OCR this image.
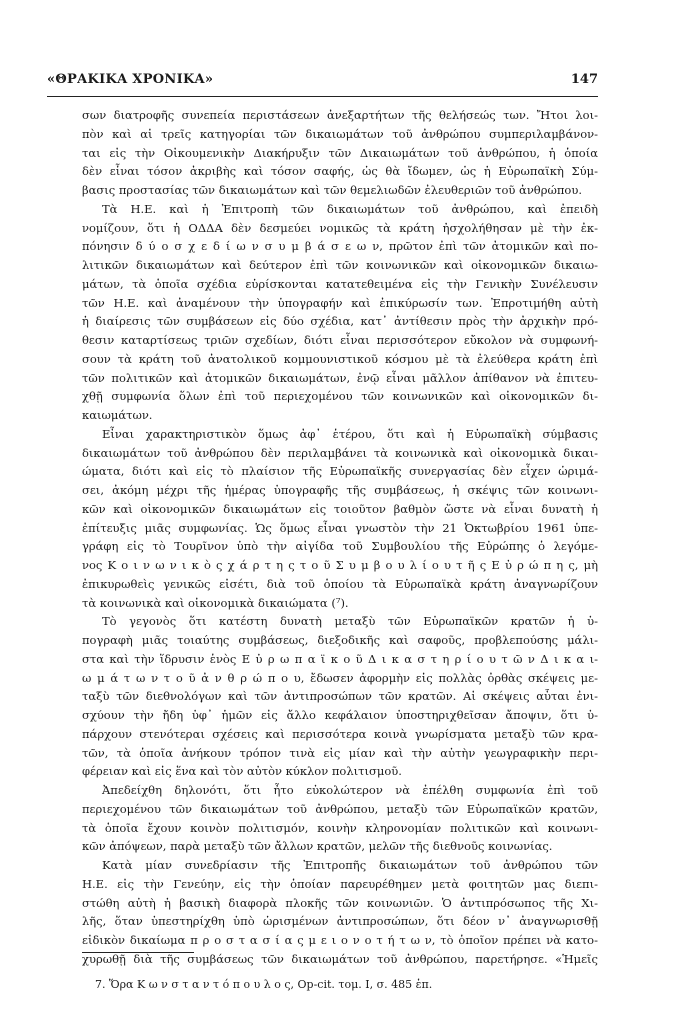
«ΘΡΑΚΙΚΑ ΧΡΟΝΙΚΑ»	147
σων διατροφῆς συνεπεία περιστάσεων ἀνεξαρτήτων τῆς θελήσεώς των. Ἤτοι λοι-
πὸν καὶ αἱ τρεῖς κατηγορίαι τῶν δικαιωμάτων τοῦ ἀνθρώπου συμπεριλαμβάνον-
ται εἰς τὴν Οἰκουμενικὴν Διακήρυξιν τῶν Δικαιωμάτων τοῦ ἀνθρώπου, ἡ ὁποία
δὲν εἶναι τόσον ἀκριβὴς καὶ τόσον σαφής, ὡς θὰ ἴδωμεν, ὡς ἡ Εὐρωπαϊκὴ Σύμ-
βασις προστασίας τῶν δικαιωμάτων καὶ τῶν θεμελιωδῶν ἐλευθεριῶν τοῦ ἀνθρώπου.
Τὰ Η.Ε. καὶ ἡ Ἐπιτροπὴ τῶν δικαιωμάτων τοῦ ἀνθρώπου, καὶ ἐπειδὴ
νομίζουν, ὅτι ἡ ΟΔΔΑ δὲν δεσμεύει νομικῶς τὰ κράτη ἠσχολήθησαν μὲ τὴν ἐκ-
πόνησιν δ ύ ο σ χ ε δ ί ω ν σ υ μ β ά σ ε ω ν, πρῶτον ἐπὶ τῶν ἀτομικῶν καὶ πο-
λιτικῶν δικαιωμάτων καὶ δεύτερον ἐπὶ τῶν κοινωνικῶν καὶ οἰκονομικῶν δικαιω-
μάτων, τὰ ὁποῖα σχέδια εὑρίσκονται κατατεθειμένα εἰς τὴν Γενικὴν Συνέλευσιν
τῶν Η.Ε. καὶ ἀναμένουν τὴν ὑπογραφήν καὶ ἐπικύρωσίν των. Ἐπροτιμήθη αὐτὴ
ἡ διαίρεσις τῶν συμβάσεων εἰς δύο σχέδια, κατ᾽ ἀντίθεσιν πρὸς τὴν ἀρχικὴν πρό-
θεσιν καταρτίσεως τριῶν σχεδίων, διότι εἶναι περισσότερον εὔκολον νὰ συμφωνή-
σουν τὰ κράτη τοῦ ἀνατολικοῦ κομμουνιστικοῦ κόσμου μὲ τὰ ἐλεύθερα κράτη ἐπὶ
τῶν πολιτικῶν καὶ ἀτομικῶν δικαιωμάτων, ἐνῷ εἶναι μᾶλλον ἀπίθανον νὰ ἐπιτευ-
χθῇ συμφωνία ὅλων ἐπὶ τοῦ περιεχομένου τῶν κοινωνικῶν καὶ οἰκονομικῶν δι-
καιωμάτων.
Εἶναι χαρακτηριστικὸν ὅμως ἀφ᾽ ἑτέρου, ὅτι καὶ ἡ Εὐρωπαϊκὴ σύμβασις
δικαιωμάτων τοῦ ἀνθρώπου δὲν περιλαμβάνει τὰ κοινωνικὰ καὶ οἰκονομικὰ δικαι-
ώματα, διότι καὶ εἰς τὸ πλαίσιον τῆς Εὐρωπαϊκῆς συνεργασίας δὲν εἶχεν ὡριμά-
σει, ἀκόμη μέχρι τῆς ἡμέρας ὑπογραφῆς τῆς συμβάσεως, ἡ σκέψις τῶν κοινωνι-
κῶν καὶ οἰκονομικῶν δικαιωμάτων εἰς τοιοῦτον βαθμὸν ὥστε νὰ εἶναι δυνατὴ ἡ
ἐπίτευξις μιᾶς συμφωνίας. Ὡς ὅμως εἶναι γνωστὸν τὴν 21 Ὀκτωβρίου 1961 ὑπε-
γράφη εἰς τὸ Τουρῖνον ὑπὸ τὴν αἰγίδα τοῦ Συμβουλίου τῆς Εὐρώπης ὁ λεγόμε-
νος Κ ο ι ν ω ν ι κ ὸ ς χ ά ρ τ η ς τ ο ῦ Σ υ μ β ο υ λ ί ο υ τ ῆ ς Ε ὐ ρ ώ π η ς, μὴ
ἐπικυρωθεὶς γενικῶς εἰσέτι, διὰ τοῦ ὁποίου τὰ Εὐρωπαϊκὰ κράτη ἀναγνωρίζουν
τὰ κοινωνικὰ καὶ οἰκονομικὰ δικαιώματα (⁷).
Τὸ γεγονὸς ὅτι κατέστη δυνατὴ μεταξὺ τῶν Εὐρωπαϊκῶν κρατῶν ἡ ὑ-
πογραφὴ μιᾶς τοιαύτης συμβάσεως, διεξοδικῆς καὶ σαφοῦς, προβλεπούσης μάλι-
στα καὶ τὴν ἵδρυσιν ἑνὸς Ε ὐ ρ ω π α ϊ κ ο ῦ Δ ι κ α σ τ η ρ ί ο υ τ ῶ ν Δ ι κ α ι-
ω μ ά τ ω ν τ ο ῦ ἀ ν θ ρ ώ π ο υ, ἔδωσεν ἀφορμὴν εἰς πολλὰς ὀρθὰς σκέψεις με-
ταξὺ τῶν διεθνολόγων καὶ τῶν ἀντιπροσώπων τῶν κρατῶν. Αἱ σκέψεις αὗται ἐνι-
σχύουν τὴν ἤδη ὑφ᾽ ἡμῶν εἰς ἄλλο κεφάλαιον ὑποστηριχθεῖσαν ἄποψιν, ὅτι ὑ-
πάρχουν στενότεραι σχέσεις καὶ περισσότερα κοινὰ γνωρίσματα μεταξὺ τῶν κρα-
τῶν, τὰ ὁποῖα ἀνήκουν τρόπον τινὰ εἰς μίαν καὶ τὴν αὐτὴν γεωγραφικὴν περι-
φέρειαν καὶ εἰς ἕνα καὶ τὸν αὐτὸν κύκλον πολιτισμοῦ.
Ἀπεδείχθη δηλονότι, ὅτι ἦτο εὐκολώτερον νὰ ἐπέλθη συμφωνία ἐπὶ τοῦ
περιεχομένου τῶν δικαιωμάτων τοῦ ἀνθρώπου, μεταξὺ τῶν Εὐρωπαϊκῶν κρατῶν,
τὰ ὁποῖα ἔχουν κοινὸν πολιτισμόν, κοινὴν κληρονομίαν πολιτικῶν καὶ κοινωνι-
κῶν ἀπόψεων, παρὰ μεταξὺ τῶν ἄλλων κρατῶν, μελῶν τῆς διεθνοῦς κοινωνίας.
Κατὰ μίαν συνεδρίασιν τῆς Ἐπιτροπῆς δικαιωμάτων τοῦ ἀνθρώπου τῶν
Η.Ε. εἰς τὴν Γενεύην, εἰς τὴν ὁποίαν παρευρέθημεν μετὰ φοιτητῶν μας διεπι-
στώθη αὐτὴ ἡ βασικὴ διαφορὰ πλοκῆς τῶν κοινωνιῶν. Ὁ ἀντιπρόσωπος τῆς Χι-
λῆς, ὅταν ὑπεστηρίχθη ὑπὸ ὡρισμένων ἀντιπροσώπων, ὅτι δέον ν᾽ ἀναγνωρισθῇ
εἰδικὸν δικαίωμα π ρ ο σ τ α σ ί α ς μ ε ι ο ν ο τ ή τ ω ν, τὸ ὁποῖον πρέπει νὰ κατο-
χυρωθῇ διὰ τῆς συμβάσεως τῶν δικαιωμάτων τοῦ ἀνθρώπου, παρετήρησε. «Ἡμεῖς
7. Ὅρα Κ ω ν σ τ α ν τ ό π ο υ λ ο ς, Op-cit. τομ. Ι, σ. 485 ἑπ.
